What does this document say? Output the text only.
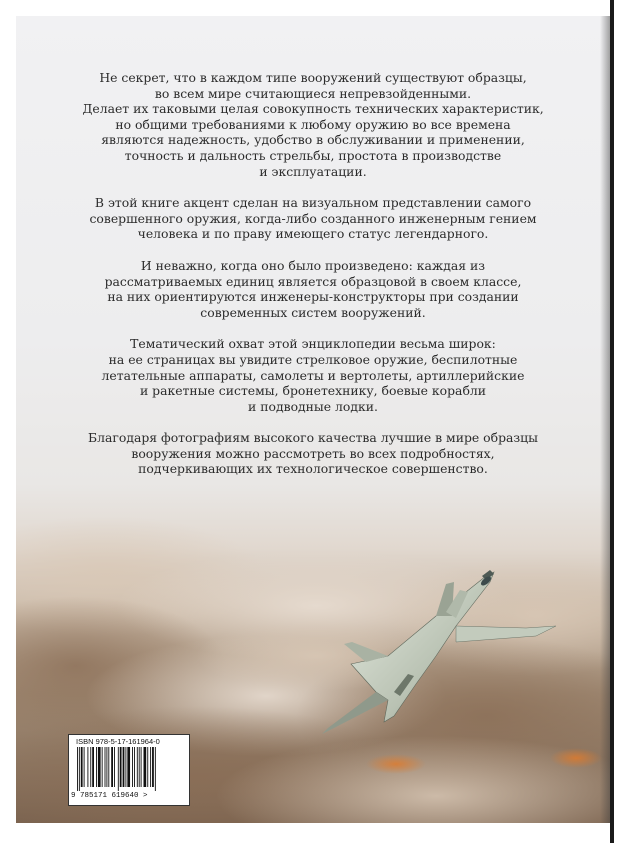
Не секрет, что в каждом типе вооружений существуют образцы,
во всем мире считающиеся непревзойденными.
Делает их таковыми целая совокупность технических характеристик,
но общими требованиями к любому оружию во все времена
являются надежность, удобство в обслуживании и применении,
точность и дальность стрельбы, простота в производстве
и эксплуатации.

В этой книге акцент сделан на визуальном представлении самого
совершенного оружия, когда-либо созданного инженерным гением
человека и по праву имеющего статус легендарного.

И неважно, когда оно было произведено: каждая из
рассматриваемых единиц является образцовой в своем классе,
на них ориентируются инженеры-конструкторы при создании
современных систем вооружений.

Тематический охват этой энциклопедии весьма широк:
на ее страницах вы увидите стрелковое оружие, беспилотные
летательные аппараты, самолеты и вертолеты, артиллерийские
и ракетные системы, бронетехнику, боевые корабли
и подводные лодки.

Благодаря фотографиям высокого качества лучшие в мире образцы
вооружения можно рассмотреть во всех подробностях,
подчеркивающих их технологическое совершенство.

ISBN 978-5-17-161964-0
9 785171 619640 >
